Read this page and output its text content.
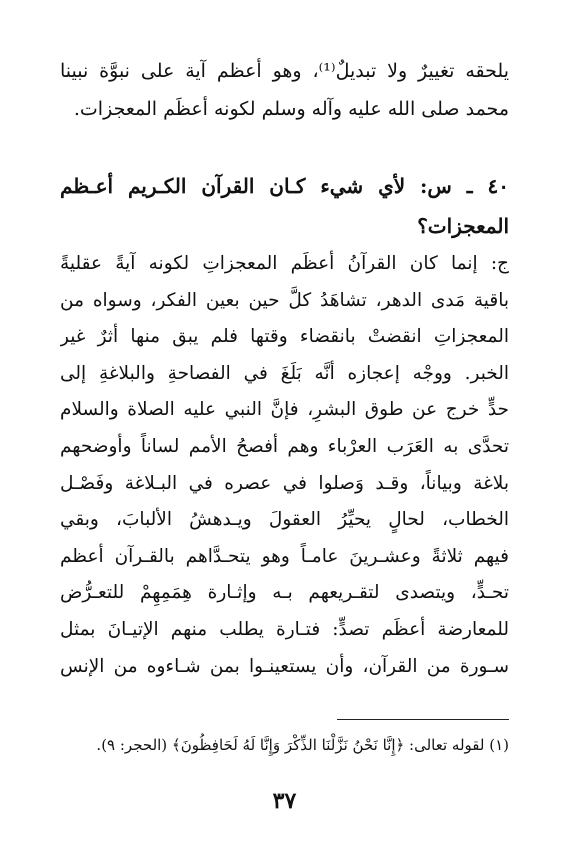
يلحقه تغييرٌ ولا تبديلٌ⁽¹⁾، وهو أعظم آية على نبوَّة نبينا
محمد صلى الله عليه وآله وسلم لكونه أعظَم المعجزات.
٤٠ ـ س: لأي شيء كـان القرآن الكـريم أعـظم
المعجزات؟
ج: إنما كان القرآنُ أعظَم المعجزاتِ لكونه آيةً عقليةً
باقية مَدى الدهر، تشاهَدُ كلَّ حين بعين الفكر، وسواه من
المعجزاتِ انقضتْ بانقضاء وقتها فلم يبق منها أثرٌ غير
الخبر. ووجْه إعجازه أنَّه بَلَغَ في الفصاحةِ والبلاغةِ إلى
حدٍّ خرج عن طوق البشرِ، فإنَّ النبي عليه الصلاة والسلام
تحدَّى به العَرَب العرْباء وهم أفصحُ الأمم لساناً وأوضحهم
بلاغة وبياناً، وقـد وَصلوا في عصره في البـلاغة وفَصْـل
الخطاب، لحالٍ يحيِّرُ العقولَ ويـدهشُ الألبابَ، وبقي
فيهم ثلاثةً وعشـرينَ عامـاً وهو يتحـدَّاهم بالقـرآن أعظم
تحـدٍّ، ويتصدى لتقـريعهم بـه وإثـارة هِمَمِهِمْ للتعـرُّض
للمعارضة أعظَم تصدٍّ: فتـارة يطلب منهم الإتيـانَ بمثل
سـورة من القرآن، وأن يستعينـوا بمن شـاءوه من الإنس
(١) لقوله تعالى: ﴿إِنَّا نَحْنُ نَزَّلْنَا الذِّكْرَ وَإِنَّا لَهُ لَحَافِظُونَ﴾ (الحجر: ٩).
٣٧
